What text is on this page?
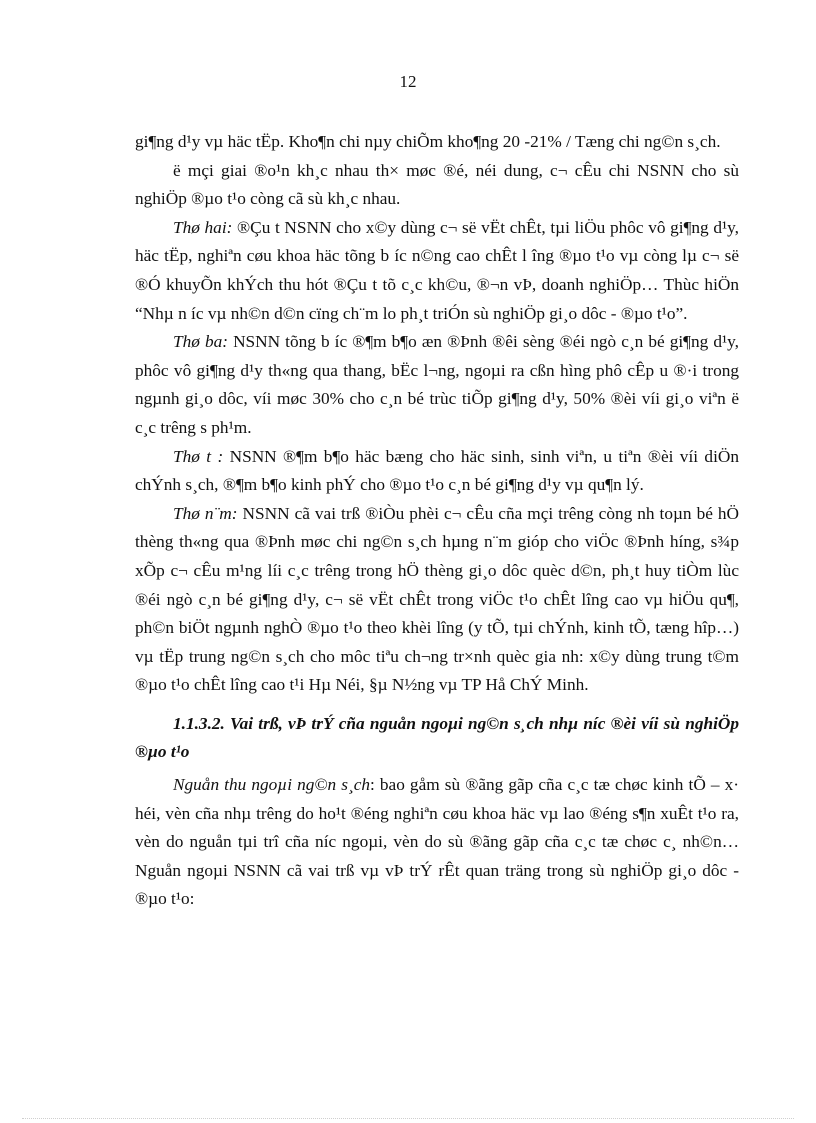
12

gi¶ng d¹y vµ häc tËp. Kho¶n chi nµy chiÕm kho¶ng 20 -21% / Tæng chi ng©n s¸ch.

ë mçi giai ®o¹n kh¸c nhau th× møc ®é, néi dung, c¬ cÊu chi NSNN cho sù nghiÖp ®µo t¹o còng cã sù kh¸c nhau.

Thø hai: ®Çu t NSNN cho x©y dùng c¬ së vËt chÊt, tµi liÖu phôc vô gi¶ng d¹y, häc tËp, nghiªn cøu khoa häc tõng b íc n©ng cao chÊt l îng ®µo t¹o vµ còng lµ c¬ së ®Ó khuyÕn khÝch thu hót ®Çu t tõ c¸c kh©u, ®¬n vÞ, doanh nghiÖp… Thùc hiÖn “Nhµ n íc vµ nh©n d©n cïng ch¨m lo ph¸t triÓn sù nghiÖp gi¸o dôc - ®µo t¹o”.

Thø ba: NSNN tõng b íc ®¶m b¶o æn ®Þnh ®êi sèng ®éi ngò c¸n bé gi¶ng d¹y, phôc vô gi¶ng d¹y th«ng qua thang, bËc l¬ng, ngoµi ra cßn hìng phô cÊp u ®·i trong ngµnh gi¸o dôc, víi møc 30% cho c¸n bé trùc tiÕp gi¶ng d¹y, 50% ®èi víi gi¸o viªn ë c¸c trêng s ph¹m.

Thø t : NSNN ®¶m b¶o häc bæng cho häc sinh, sinh viªn, u tiªn ®èi víi diÖn chÝnh s¸ch, ®¶m b¶o kinh phÝ cho ®µo t¹o c¸n bé gi¶ng d¹y vµ qu¶n lý.

Thø n¨m: NSNN cã vai trß ®iÒu phèi c¬ cÊu cña mçi trêng còng nh toµn bé hÖ thèng th«ng qua ®Þnh møc chi ng©n s¸ch hµng n¨m gióp cho viÖc ®Þnh híng, s¾p xÕp c¬ cÊu m¹ng líi c¸c trêng trong hÖ thèng gi¸o dôc quèc d©n, ph¸t huy tiÒm lùc ®éi ngò c¸n bé gi¶ng d¹y, c¬ së vËt chÊt trong viÖc t¹o chÊt lîng cao vµ hiÖu qu¶, ph©n biÖt ngµnh nghÒ ®µo t¹o theo khèi lîng (y tÕ, tµi chÝnh, kinh tÕ, tæng hîp…) vµ tËp trung ng©n s¸ch cho môc tiªu ch¬ng tr×nh quèc gia nh: x©y dùng trung t©m ®µo t¹o chÊt lîng cao t¹i Hµ Néi, §µ N½ng vµ TP Hå ChÝ Minh.

1.1.3.2. Vai trß, vÞ trÝ cña nguån ngoµi ng©n s¸ch nhµ níc ®èi víi sù nghiÖp ®µo t¹o

Nguån thu ngoµi ng©n s¸ch: bao gåm sù ®ãng gãp cña c¸c tæ chøc kinh tÕ – x· héi, vèn cña nhµ trêng do ho¹t ®éng nghiªn cøu khoa häc vµ lao ®éng s¶n xuÊt t¹o ra, vèn do nguån tµi trî cña níc ngoµi, vèn do sù ®ãng gãp cña c¸c tæ chøc c¸ nh©n… Nguån ngoµi NSNN cã vai trß vµ vÞ trÝ rÊt quan träng trong sù nghiÖp gi¸o dôc - ®µo t¹o:
